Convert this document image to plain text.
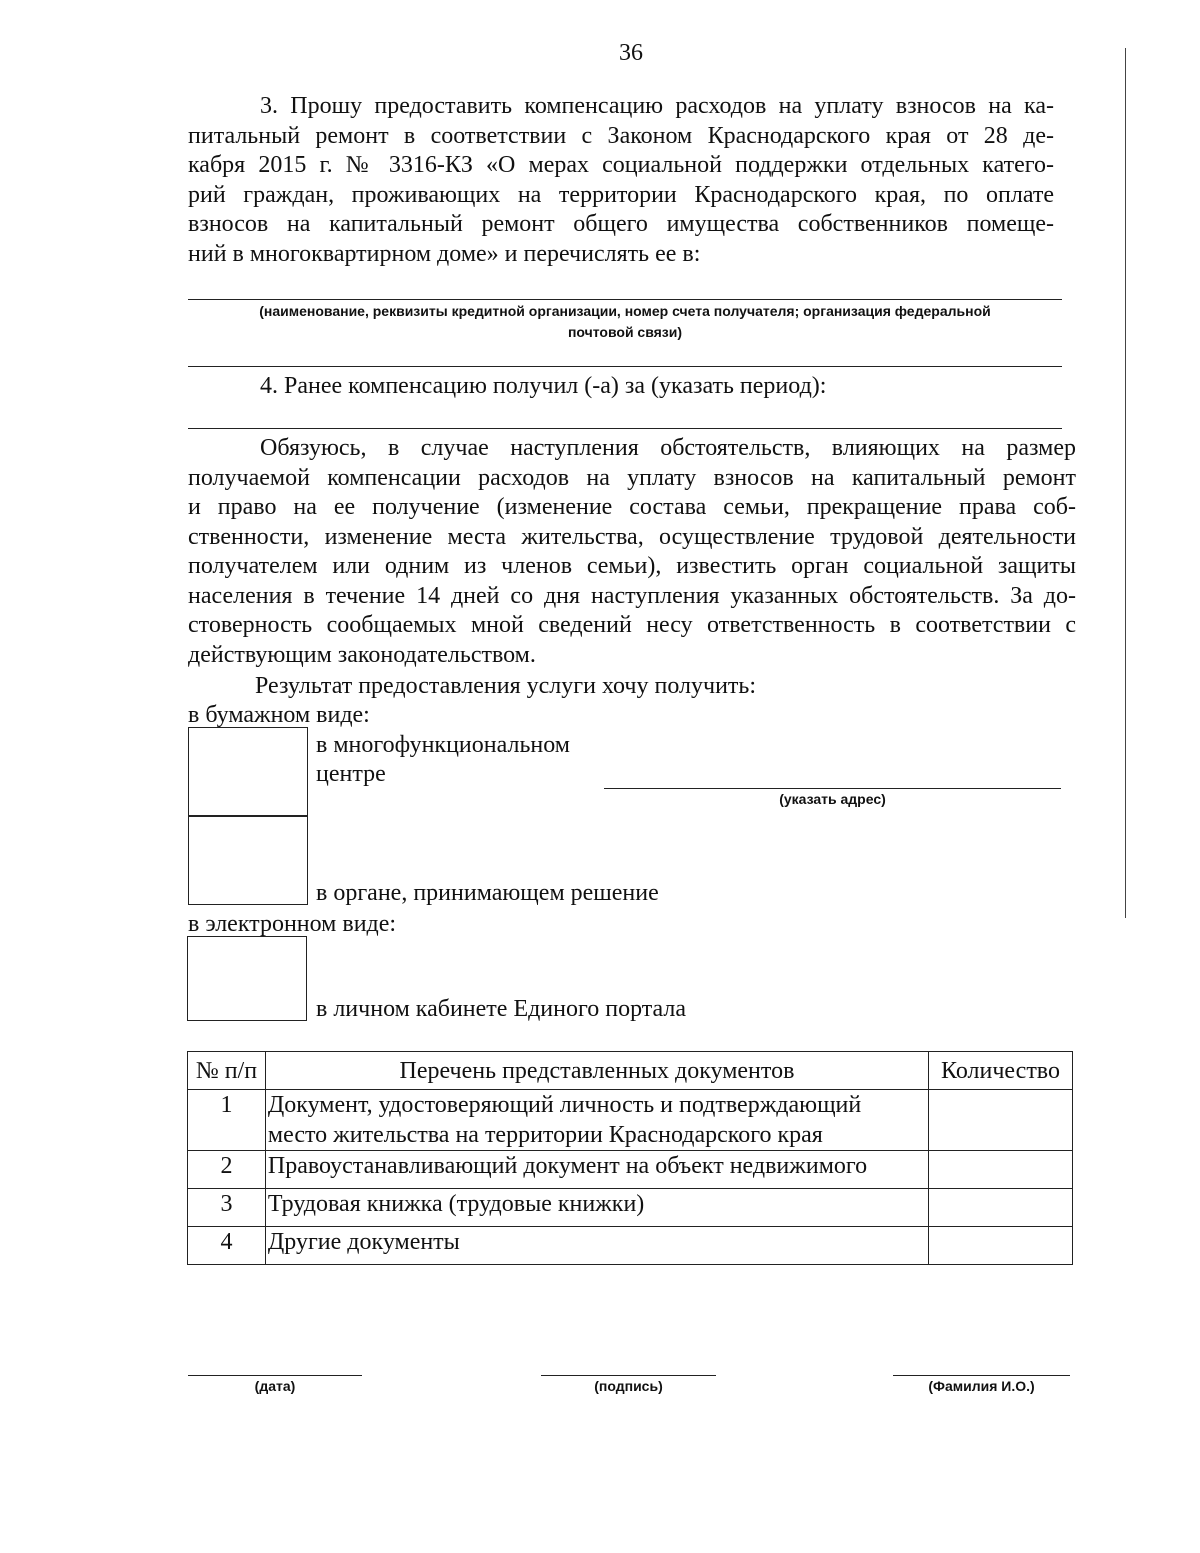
36
3. Прошу предоставить компенсацию расходов на уплату взносов на ка-
питальный ремонт в соответствии с Законом Краснодарского края от 28 де-
кабря 2015 г. № 3316-КЗ «О мерах социальной поддержки отдельных катего-
рий граждан, проживающих на территории Краснодарского края, по оплате
взносов на капитальный ремонт общего имущества собственников помеще-
ний в многоквартирном доме» и перечислять ее в:
(наименование, реквизиты кредитной организации, номер счета получателя; организация федеральной
почтовой связи)
4. Ранее компенсацию получил (-а) за (указать период):
Обязуюсь, в случае наступления обстоятельств, влияющих на размер
получаемой компенсации расходов на уплату взносов на капитальный ремонт
и право на ее получение (изменение состава семьи, прекращение права соб-
ственности, изменение места жительства, осуществление трудовой деятельности
получателем или одним из членов семьи), известить орган социальной защиты
населения в течение 14 дней со дня наступления указанных обстоятельств. За до-
стоверность сообщаемых мной сведений несу ответственность в соответствии с
действующим законодательством.
Результат предоставления услуги хочу получить:
в бумажном виде:
в многофункциональном
центре
(указать адрес)
в органе, принимающем решение
в электронном виде:
в личном кабинете Единого портала
№ п/п	Перечень представленных документов	Количество
1	Документ, удостоверяющий личность и подтверждающий
место жительства на территории Краснодарского края	

2	Правоустанавливающий документ на объект недвижимого	
3	Трудовая книжка (трудовые книжки)	
4	Другие документы	
(дата)	(подпись)	(Фамилия И.О.)
